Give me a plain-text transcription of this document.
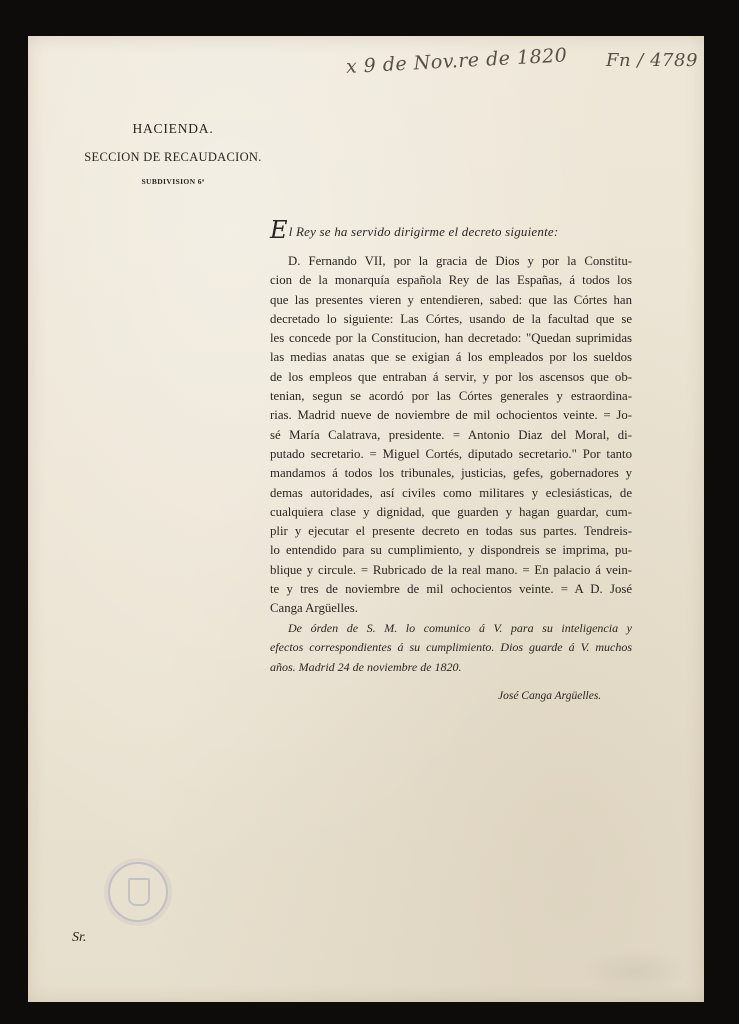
x 9 de Nov.re de 1820 Fn / 4789
HACIENDA.
SECCION DE RECAUDACION.
SUBDIVISION 6ª
El Rey se ha servido dirigirme el decreto siguiente:
D. Fernando VII, por la gracia de Dios y por la Constitu-
cion de la monarquía española Rey de las Españas, á todos los
que las presentes vieren y entendieren, sabed: que las Córtes han
decretado lo siguiente: Las Córtes, usando de la facultad que se
les concede por la Constitucion, han decretado: "Quedan suprimidas
las medias anatas que se exigian á los empleados por los sueldos
de los empleos que entraban á servir, y por los ascensos que ob-
tenian, segun se acordó por las Córtes generales y estraordina-
rias. Madrid nueve de noviembre de mil ochocientos veinte. = Jo-
sé María Calatrava, presidente. = Antonio Diaz del Moral, di-
putado secretario. = Miguel Cortés, diputado secretario." Por tanto
mandamos á todos los tribunales, justicias, gefes, gobernadores y
demas autoridades, así civiles como militares y eclesiásticas, de
cualquiera clase y dignidad, que guarden y hagan guardar, cum-
plir y ejecutar el presente decreto en todas sus partes. Tendreis-
lo entendido para su cumplimiento, y dispondreis se imprima, pu-
blique y circule. = Rubricado de la real mano. = En palacio á vein-
te y tres de noviembre de mil ochocientos veinte. = A D. José
Canga Argüelles.
De órden de S. M. lo comunico á V. para su inteligencia y
efectos correspondientes á su cumplimiento. Dios guarde á V. muchos
años. Madrid 24 de noviembre de 1820.
José Canga Argüelles.
Sr.
